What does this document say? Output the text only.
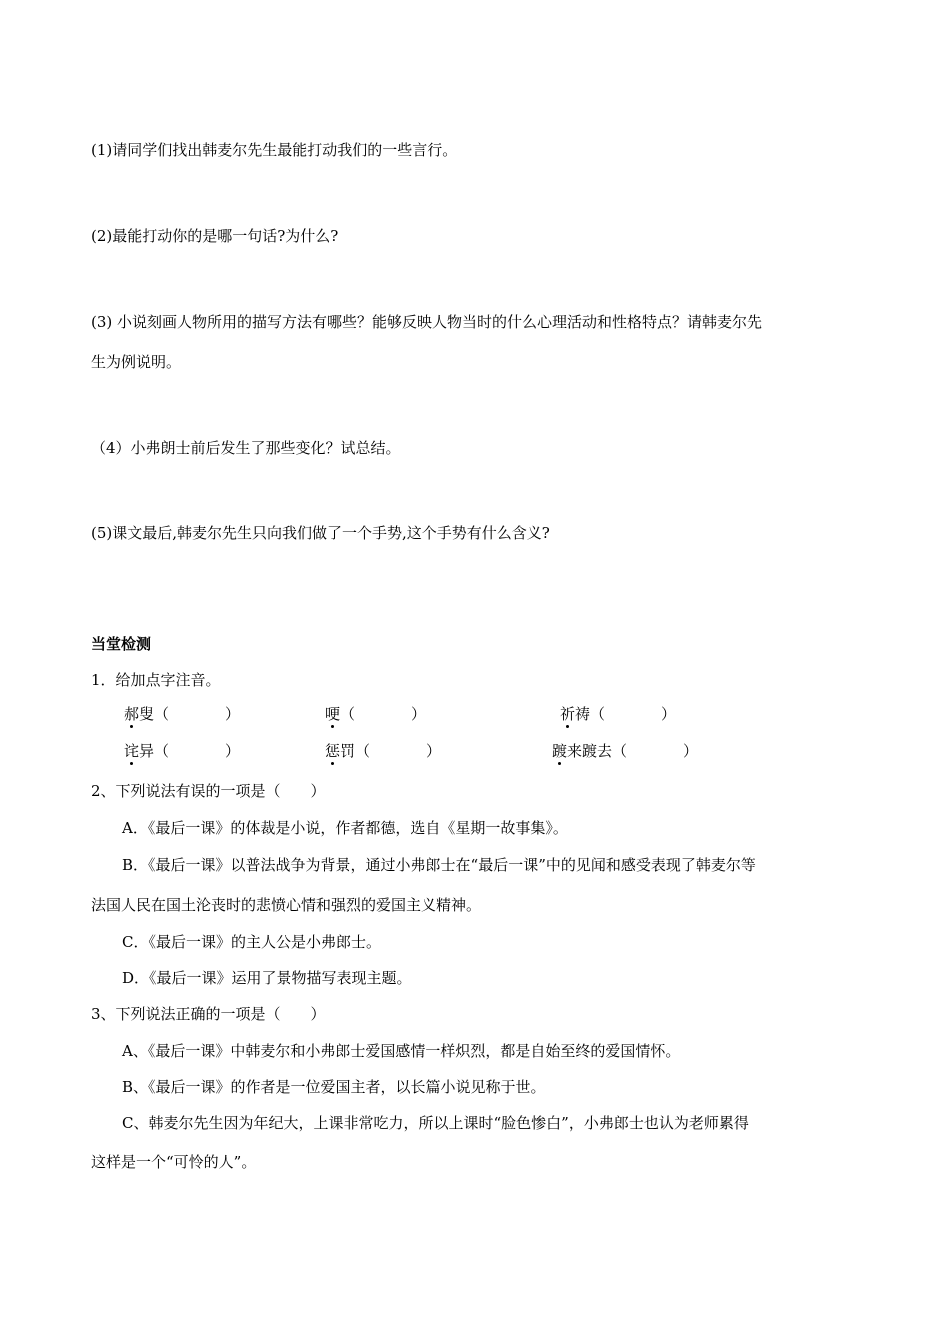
(1)请同学们找出韩麦尔先生最能打动我们的一些言行。
(2)最能打动你的是哪一句话?为什么?
(3) 小说刻画人物所用的描写方法有哪些？能够反映人物当时的什么心理活动和性格特点？请韩麦尔先
生为例说明。
（4）小弗朗士前后发生了那些变化？试总结。
(5)课文最后,韩麦尔先生只向我们做了一个手势,这个手势有什么含义?
当堂检测
1．给加点字注音。
郝叟（	）	哽（	）	祈祷（	）
诧异（	）	惩罚（	）	踱来踱去（	）
2、下列说法有误的一项是（　　）
A．《最后一课》的体裁是小说，作者都德，选自《星期一故事集》。
B．《最后一课》以普法战争为背景，通过小弗郎士在“最后一课”中的见闻和感受表现了韩麦尔等
法国人民在国土沦丧时的悲愤心情和强烈的爱国主义精神。
C．《最后一课》的主人公是小弗郎士。
D．《最后一课》运用了景物描写表现主题。
3、下列说法正确的一项是（　　）
A、《最后一课》中韩麦尔和小弗郎士爱国感情一样炽烈，都是自始至终的爱国情怀。
B、《最后一课》的作者是一位爱国主者，以长篇小说见称于世。
C、韩麦尔先生因为年纪大，上课非常吃力，所以上课时“脸色惨白”，小弗郎士也认为老师累得
这样是一个“可怜的人”。
